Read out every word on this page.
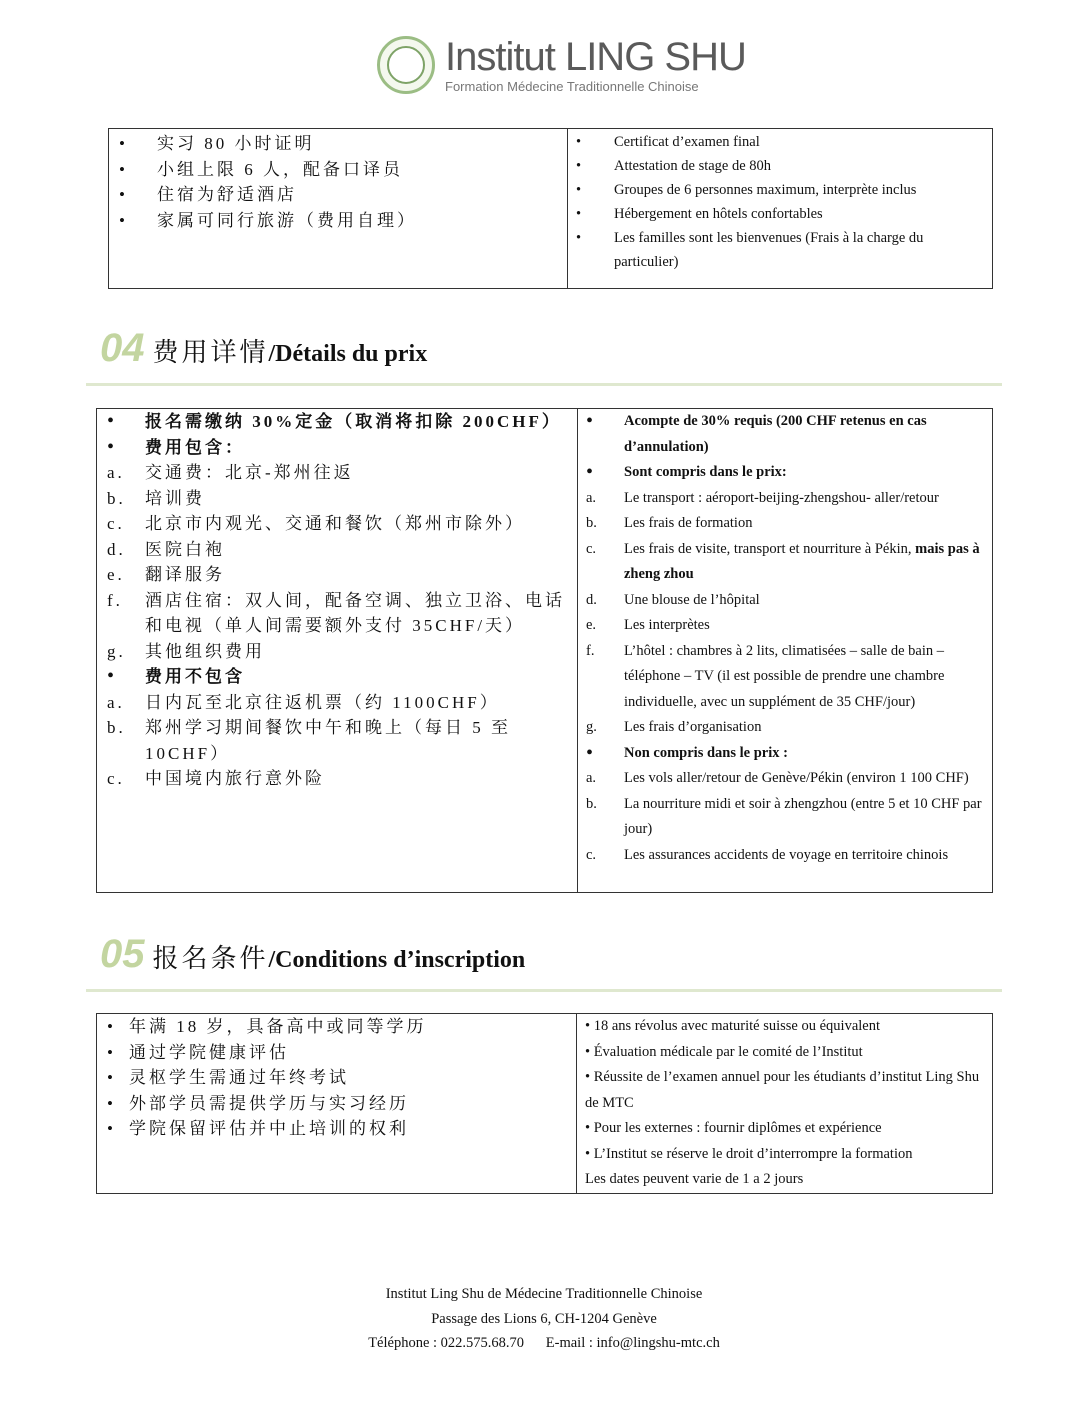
Institut LING SHU
Formation Médecine Traditionnelle Chinoise
•	实习 80 小时证明
•	小组上限 6 人，配备口译员
•	住宿为舒适酒店
•	家属可同行旅游（费用自理）

•	Certificat d’examen final
•	Attestation de stage de 80h
•	Groupes de 6 personnes maximum, interprète inclus
•	Hébergement en hôtels confortables
•	Les familles sont les bienvenues (Frais à la charge du particulier)
04 费用详情/Détails du prix
•	报名需缴纳 30%定金（取消将扣除 200CHF）
•	费用包含：
a.	交通费：北京-郑州往返
b.	培训费
c.	北京市内观光、交通和餐饮（郑州市除外）
d.	医院白袍
e.	翻译服务
f.	酒店住宿：双人间，配备空调、独立卫浴、电话和电视（单人间需要额外支付 35CHF/天）
g.	其他组织费用
•	费用不包含
a.	日内瓦至北京往返机票（约 1100CHF）
b.	郑州学习期间餐饮中午和晚上（每日 5 至 10CHF）
c.	中国境内旅行意外险

•	Acompte de 30% requis (200 CHF retenus en cas d’annulation)
•	Sont compris dans le prix:
a.	Le transport : aéroport-beijing-zhengshou- aller/retour
b.	Les frais de formation
c.	Les frais de visite, transport et nourriture à Pékin, mais pas à zheng zhou
d.	Une blouse de l’hôpital
e.	Les interprètes
f.	L’hôtel : chambres à 2 lits, climatisées – salle de bain – téléphone – TV (il est possible de prendre une chambre individuelle, avec un supplément de 35 CHF/jour)
g.	Les frais d’organisation
•	Non compris dans le prix :
a.	Les vols aller/retour de Genève/Pékin (environ 1 100 CHF)
b.	La nourriture midi et soir à zhengzhou (entre 5 et 10 CHF par jour)
c.	Les assurances accidents de voyage en territoire chinois
05 报名条件/Conditions d’inscription
• 年满 18 岁，具备高中或同等学历
• 通过学院健康评估
• 灵枢学生需通过年终考试
• 外部学员需提供学历与实习经历
• 学院保留评估并中止培训的权利

• 18 ans révolus avec maturité suisse ou équivalent
• Évaluation médicale par le comité de l’Institut
• Réussite de l’examen annuel pour les étudiants d’institut Ling Shu de MTC
• Pour les externes : fournir diplômes et expérience
• L’Institut se réserve le droit d’interrompre la formation
Les dates peuvent varie de 1 a 2 jours
Institut Ling Shu de Médecine Traditionnelle Chinoise
Passage des Lions 6, CH-1204 Genève
Téléphone : 022.575.68.70      E-mail : info@lingshu-mtc.ch
